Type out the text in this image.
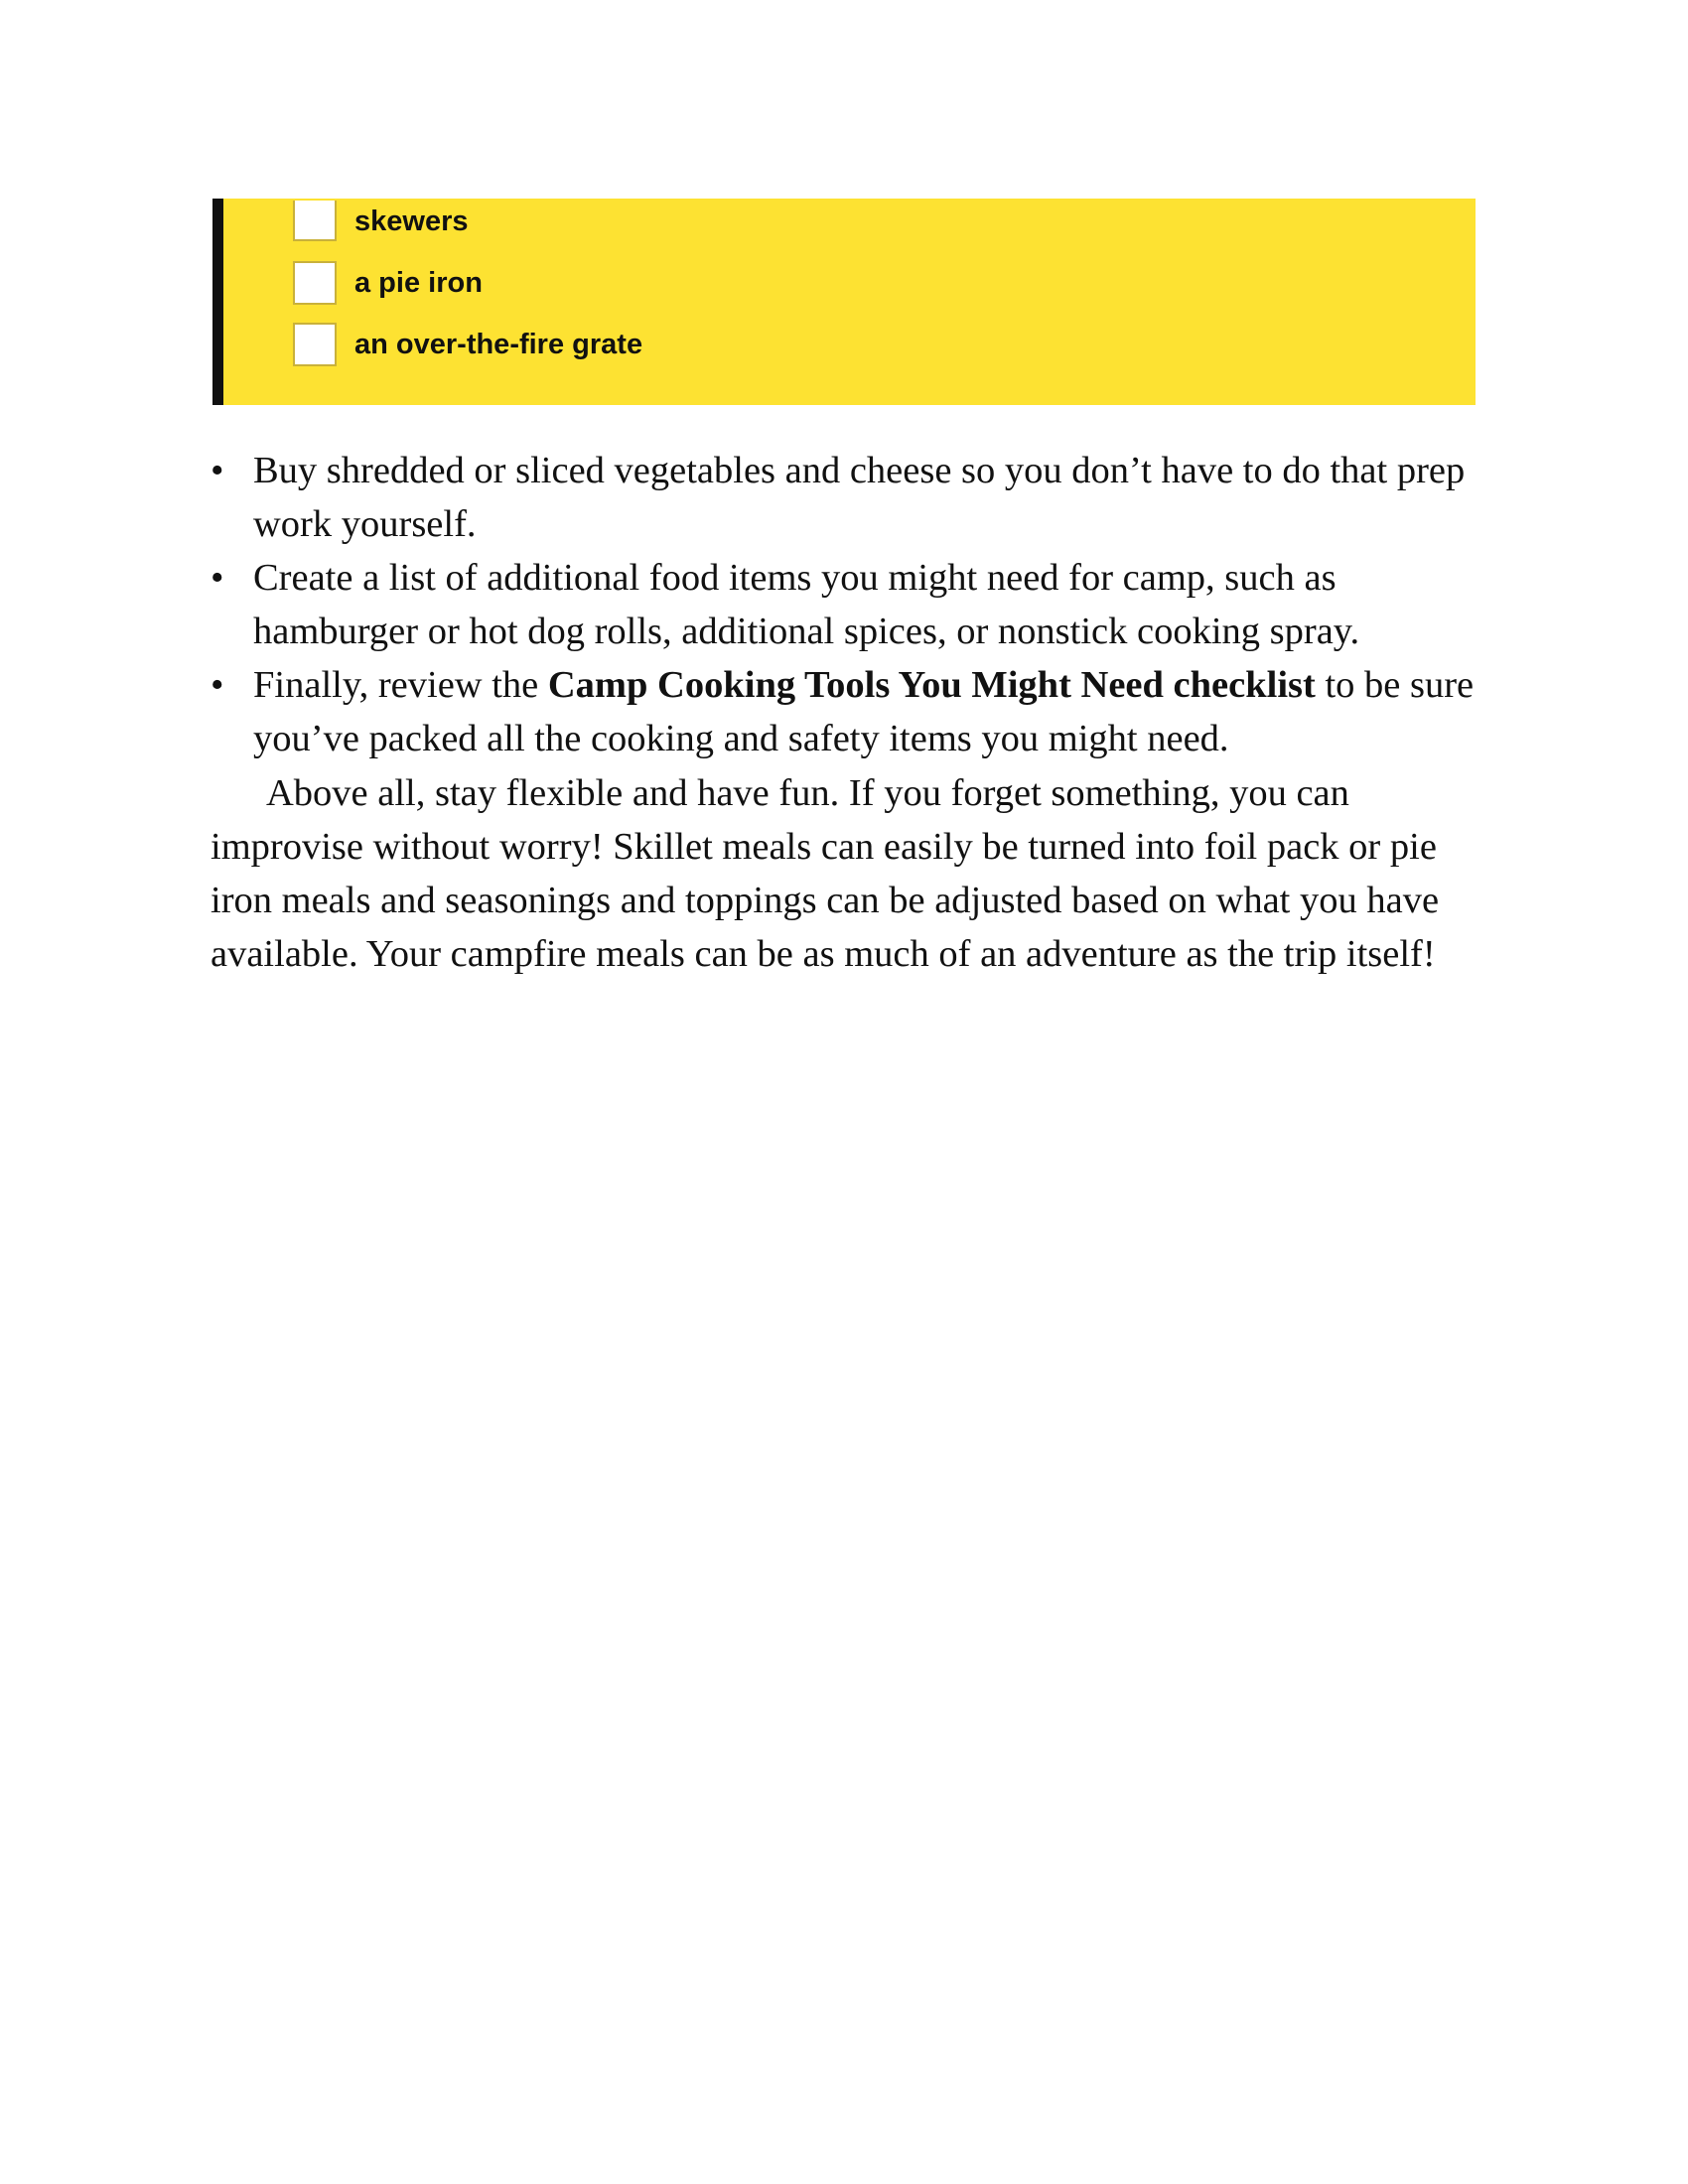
skewers
a pie iron
an over-the-fire grate
• Buy shredded or sliced vegetables and cheese so you don’t have to do that prep work yourself.
• Create a list of additional food items you might need for camp, such as hamburger or hot dog rolls, additional spices, or nonstick cooking spray.
• Finally, review the Camp Cooking Tools You Might Need checklist to be sure you’ve packed all the cooking and safety items you might need.

Above all, stay flexible and have fun. If you forget something, you can improvise without worry! Skillet meals can easily be turned into foil pack or pie iron meals and seasonings and toppings can be adjusted based on what you have available. Your campfire meals can be as much of an adventure as the trip itself!
